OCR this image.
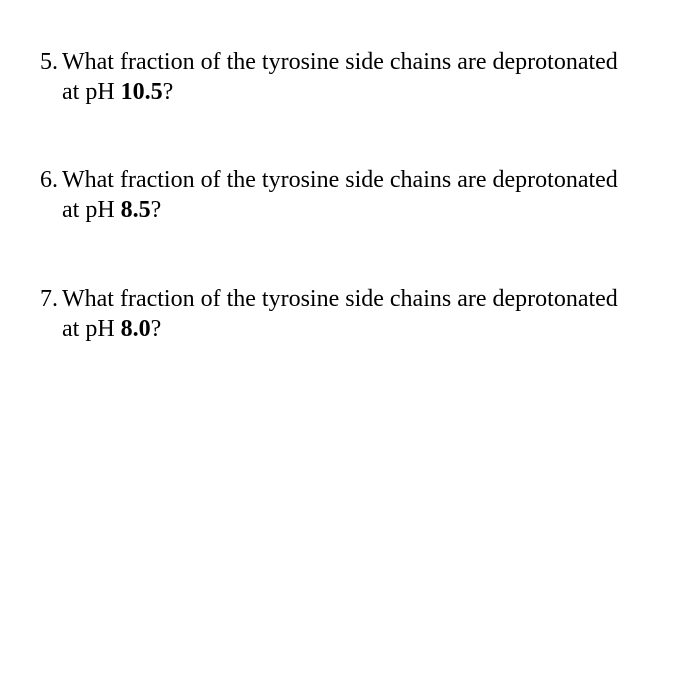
5. What fraction of the tyrosine side chains are deprotonated
at pH 10.5?
6. What fraction of the tyrosine side chains are deprotonated
at pH 8.5?
7. What fraction of the tyrosine side chains are deprotonated
at pH 8.0?
